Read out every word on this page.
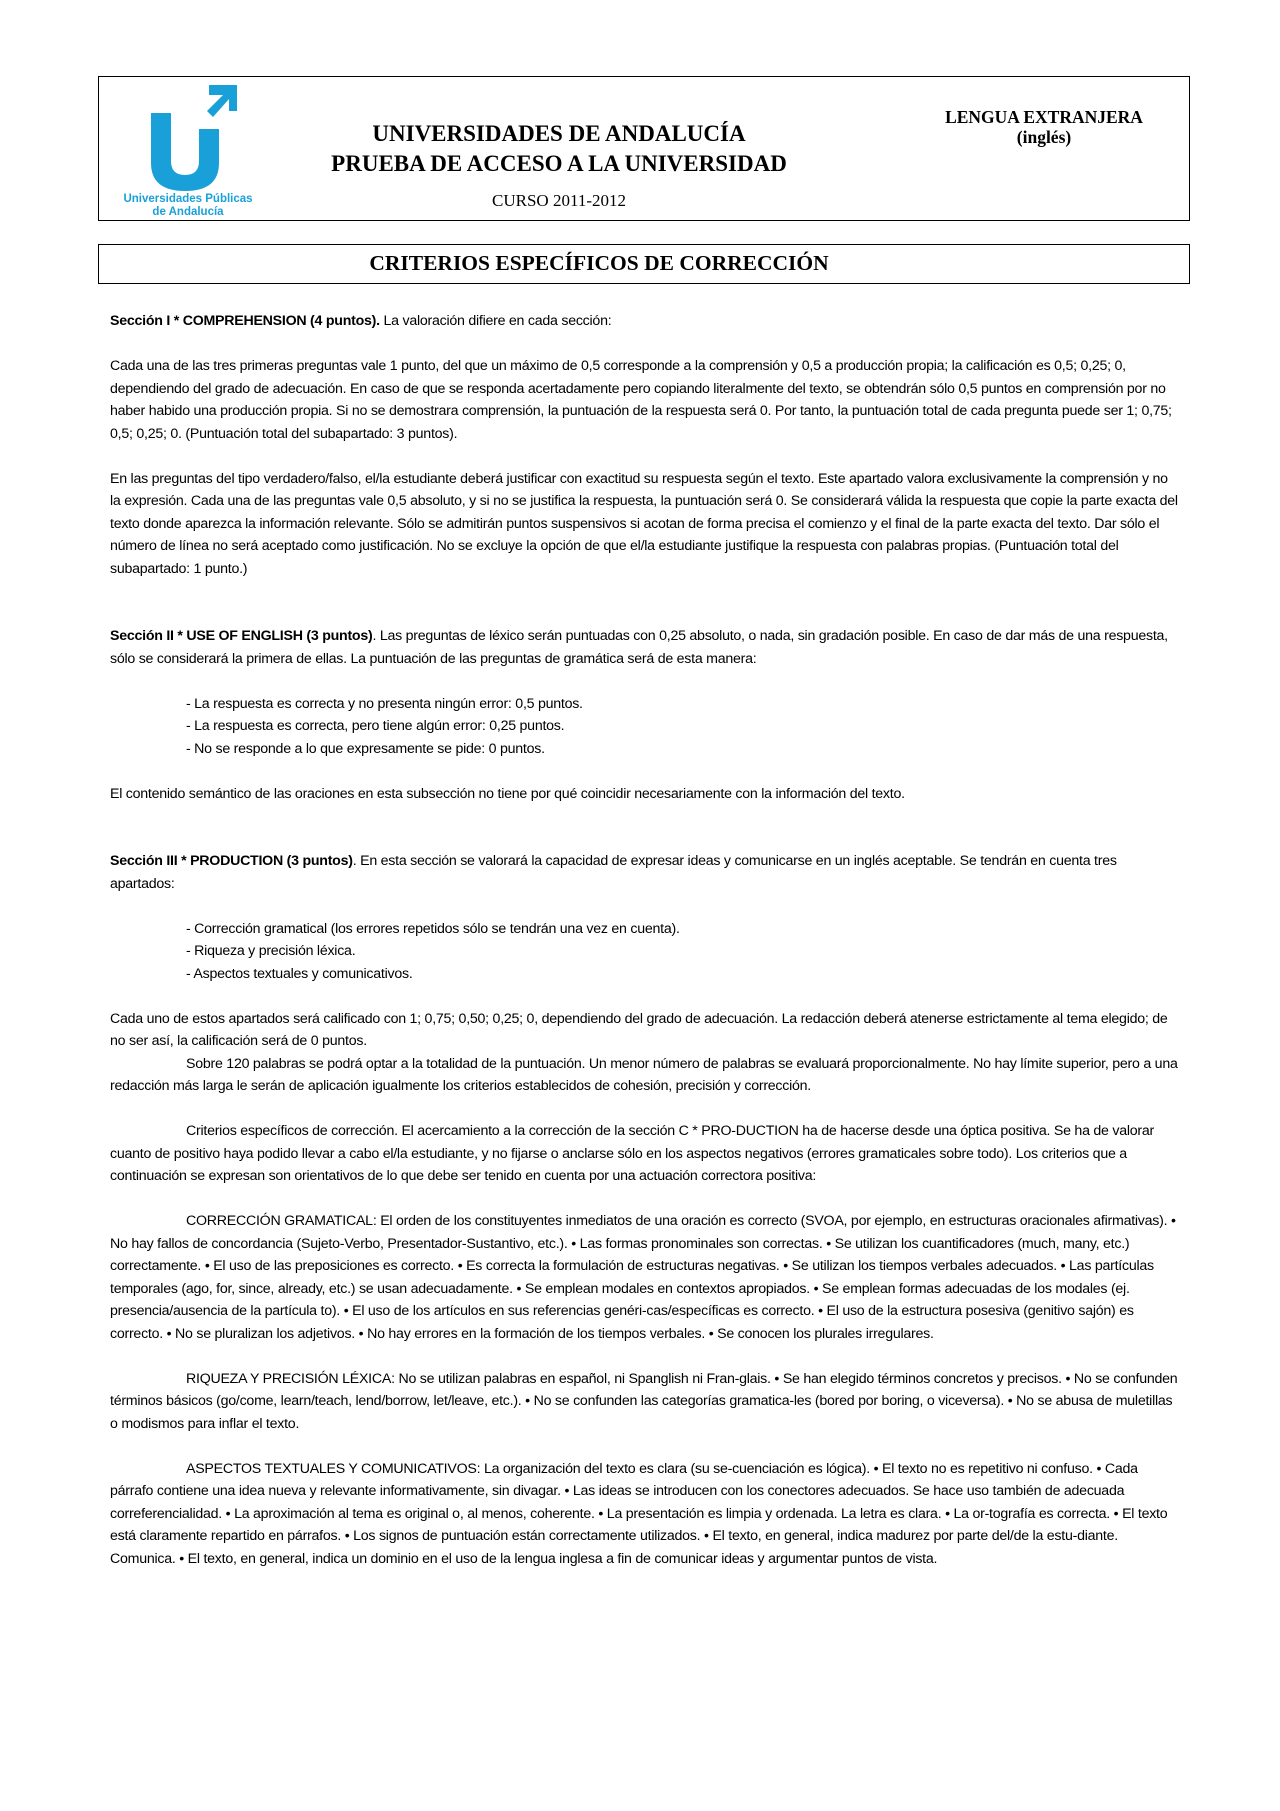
Universidades Públicas
de Andalucía
UNIVERSIDADES DE ANDALUCÍA
PRUEBA DE ACCESO A LA UNIVERSIDAD
CURSO 2011-2012
LENGUA EXTRANJERA
(inglés)
CRITERIOS ESPECÍFICOS DE CORRECCIÓN

Sección I * COMPREHENSION (4 puntos). La valoración difiere en cada sección:

Cada una de las tres primeras preguntas vale 1 punto, del que un máximo de 0,5 corresponde a la comprensión y 0,5 a producción propia; la calificación es 0,5; 0,25; 0, dependiendo del grado de adecuación. En caso de que se responda acertadamente pero copiando literalmente del texto, se obtendrán sólo 0,5 puntos en comprensión por no haber habido una producción propia. Si no se demostrara comprensión, la puntuación de la respuesta será 0. Por tanto, la puntuación total de cada pregunta puede ser 1; 0,75; 0,5; 0,25; 0. (Puntuación total del subapartado: 3 puntos).

En las preguntas del tipo verdadero/falso, el/la estudiante deberá justificar con exactitud su respuesta según el texto. Este apartado valora exclusivamente la comprensión y no la expresión. Cada una de las preguntas vale 0,5 absoluto, y si no se justifica la respuesta, la puntuación será 0. Se considerará válida la respuesta que copie la parte exacta del texto donde aparezca la información relevante. Sólo se admitirán puntos suspensivos si acotan de forma precisa el comienzo y el final de la parte exacta del texto. Dar sólo el número de línea no será aceptado como justificación. No se excluye la opción de que el/la estudiante justifique la respuesta con palabras propias. (Puntuación total del subapartado: 1 punto.)

Sección II * USE OF ENGLISH (3 puntos). Las preguntas de léxico serán puntuadas con 0,25 absoluto, o nada, sin gradación posible. En caso de dar más de una respuesta, sólo se considerará la primera de ellas. La puntuación de las preguntas de gramática será de esta manera:

- La respuesta es correcta y no presenta ningún error: 0,5 puntos.
- La respuesta es correcta, pero tiene algún error: 0,25 puntos.
- No se responde a lo que expresamente se pide: 0 puntos.

El contenido semántico de las oraciones en esta subsección no tiene por qué coincidir necesariamente con la información del texto.

Sección III * PRODUCTION (3 puntos). En esta sección se valorará la capacidad de expresar ideas y comunicarse en un inglés aceptable. Se tendrán en cuenta tres apartados:

- Corrección gramatical (los errores repetidos sólo se tendrán una vez en cuenta).
- Riqueza y precisión léxica.
- Aspectos textuales y comunicativos.

Cada uno de estos apartados será calificado con 1; 0,75; 0,50; 0,25; 0, dependiendo del grado de adecuación. La redacción deberá atenerse estrictamente al tema elegido; de no ser así, la calificación será de 0 puntos.

Sobre 120 palabras se podrá optar a la totalidad de la puntuación. Un menor número de palabras se evaluará proporcionalmente. No hay límite superior, pero a una redacción más larga le serán de aplicación igualmente los criterios establecidos de cohesión, precisión y corrección.

Criterios específicos de corrección. El acercamiento a la corrección de la sección C * PRO-DUCTION ha de hacerse desde una óptica positiva. Se ha de valorar cuanto de positivo haya podido llevar a cabo el/la estudiante, y no fijarse o anclarse sólo en los aspectos negativos (errores gramaticales sobre todo). Los criterios que a continuación se expresan son orientativos de lo que debe ser tenido en cuenta por una actuación correctora positiva:

CORRECCIÓN GRAMATICAL: El orden de los constituyentes inmediatos de una oración es correcto (SVOA, por ejemplo, en estructuras oracionales afirmativas). • No hay fallos de concordancia (Sujeto-Verbo, Presentador-Sustantivo, etc.). • Las formas pronominales son correctas. • Se utilizan los cuantificadores (much, many, etc.) correctamente. • El uso de las preposiciones es correcto. • Es correcta la formulación de estructuras negativas. • Se utilizan los tiempos verbales adecuados. • Las partículas temporales (ago, for, since, already, etc.) se usan adecuadamente. • Se emplean modales en contextos apropiados. • Se emplean formas adecuadas de los modales (ej. presencia/ausencia de la partícula to). • El uso de los artículos en sus referencias genéri-cas/específicas es correcto. • El uso de la estructura posesiva (genitivo sajón) es correcto. • No se pluralizan los adjetivos. • No hay errores en la formación de los tiempos verbales. • Se conocen los plurales irregulares.

RIQUEZA Y PRECISIÓN LÉXICA: No se utilizan palabras en español, ni Spanglish ni Fran-glais. • Se han elegido términos concretos y precisos. • No se confunden términos básicos (go/come, learn/teach, lend/borrow, let/leave, etc.). • No se confunden las categorías gramatica-les (bored por boring, o viceversa). • No se abusa de muletillas o modismos para inflar el texto.

ASPECTOS TEXTUALES Y COMUNICATIVOS: La organización del texto es clara (su se-cuenciación es lógica). • El texto no es repetitivo ni confuso. • Cada párrafo contiene una idea nueva y relevante informativamente, sin divagar. • Las ideas se introducen con los conectores adecuados. Se hace uso también de adecuada correferencialidad. • La aproximación al tema es original o, al menos, coherente. • La presentación es limpia y ordenada. La letra es clara. • La or-tografía es correcta. • El texto está claramente repartido en párrafos. • Los signos de puntuación están correctamente utilizados. • El texto, en general, indica madurez por parte del/de la estu-diante. Comunica. • El texto, en general, indica un dominio en el uso de la lengua inglesa a fin de comunicar ideas y argumentar puntos de vista.
